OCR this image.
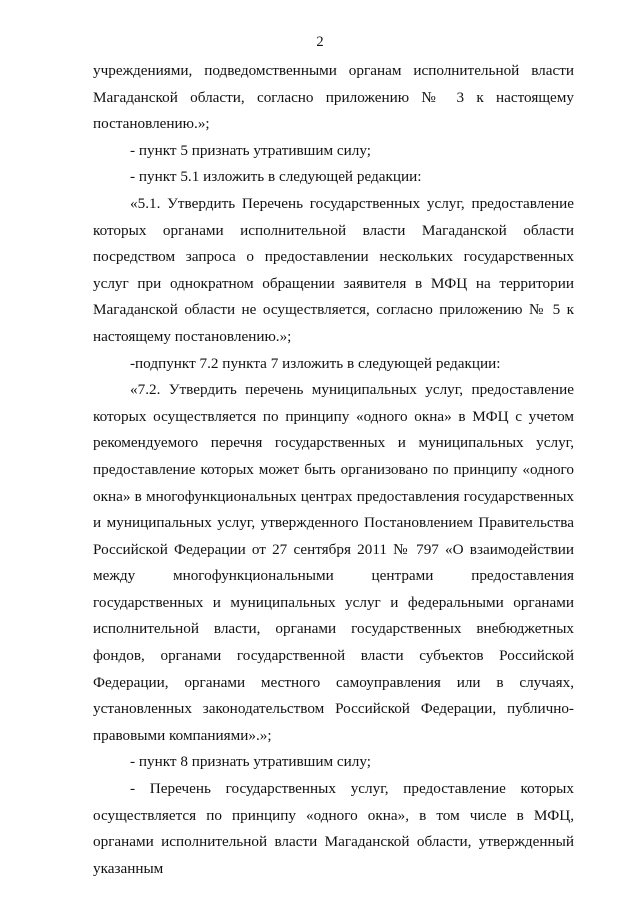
2

учреждениями, подведомственными органам исполнительной власти Магаданской области, согласно приложению № 3 к настоящему постановлению.»;

- пункт 5 признать утратившим силу;

- пункт 5.1 изложить в следующей редакции:

«5.1. Утвердить Перечень государственных услуг, предоставление которых органами исполнительной власти Магаданской области посредством запроса о предоставлении нескольких государственных услуг при однократном обращении заявителя в МФЦ на территории Магаданской области не осуществляется, согласно приложению № 5 к настоящему постановлению.»;

-подпункт 7.2 пункта 7 изложить в следующей редакции:

«7.2. Утвердить перечень муниципальных услуг, предоставление которых осуществляется по принципу «одного окна» в МФЦ с учетом рекомендуемого перечня государственных и муниципальных услуг, предоставление которых может быть организовано по принципу «одного окна» в многофункциональных центрах предоставления государственных и муниципальных услуг, утвержденного Постановлением Правительства Российской Федерации от 27 сентября 2011 № 797 «О взаимодействии между многофункциональными центрами предоставления государственных и муниципальных услуг и федеральными органами исполнительной власти, органами государственных внебюджетных фондов, органами государственной власти субъектов Российской Федерации, органами местного самоуправления или в случаях, установленных законодательством Российской Федерации, публично-правовыми компаниями».»;

- пункт 8 признать утратившим силу;

- Перечень государственных услуг, предоставление которых осуществляется по принципу «одного окна», в том числе в МФЦ, органами исполнительной власти Магаданской области, утвержденный указанным
